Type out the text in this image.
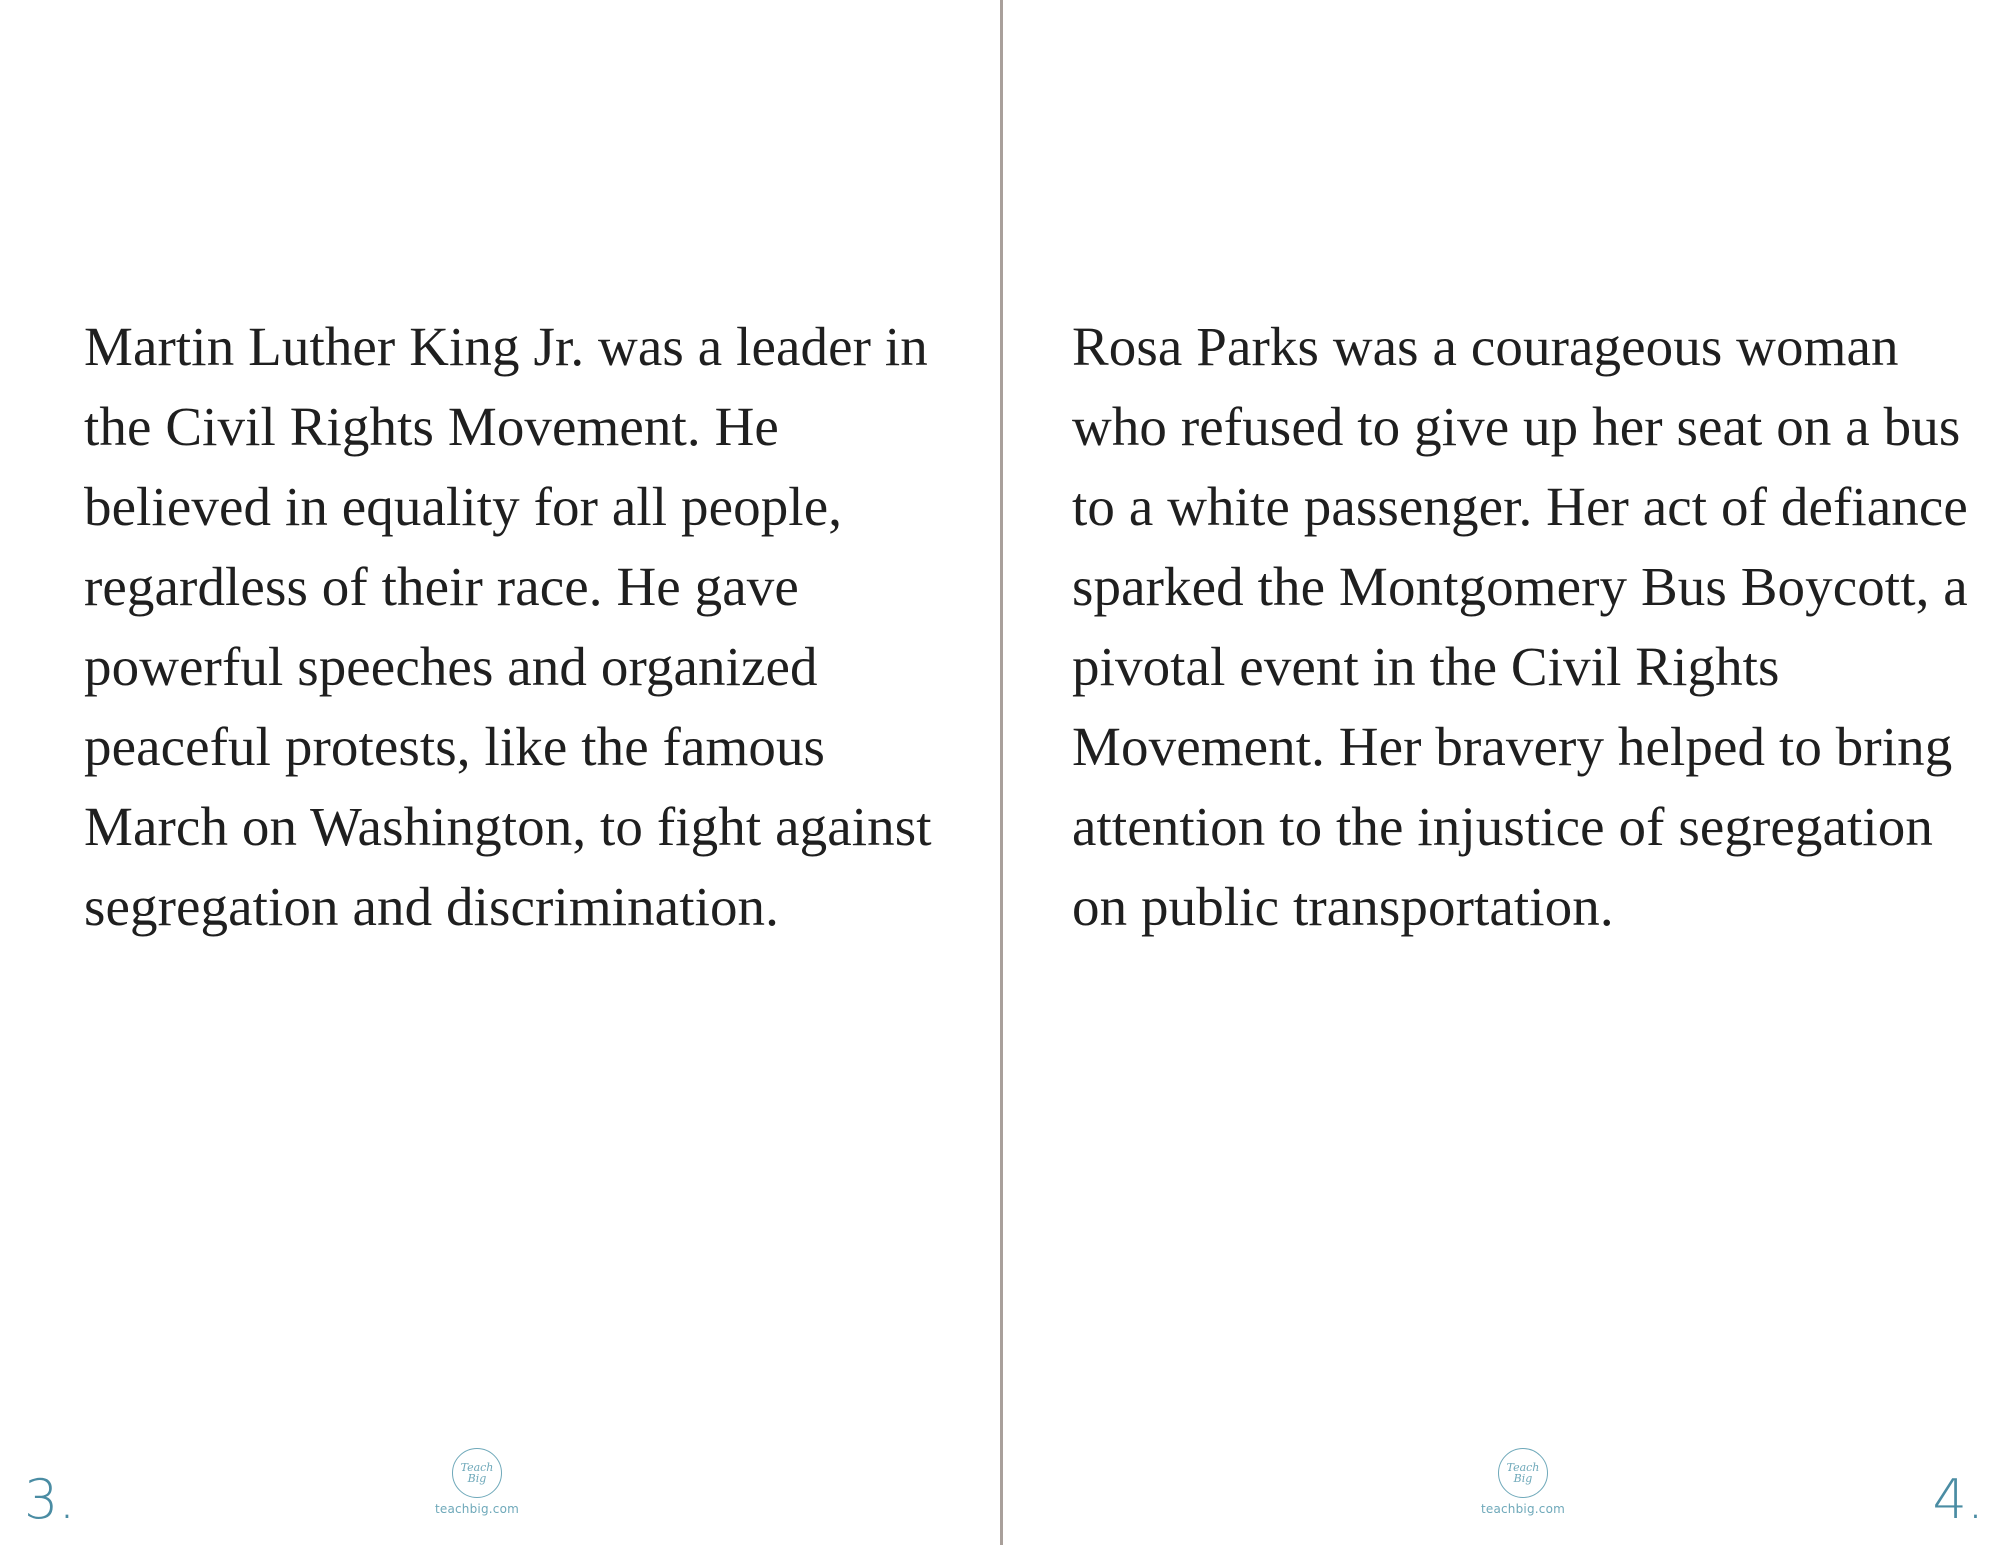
Martin Luther King Jr. was a leader in the Civil Rights Movement. He believed in equality for all people, regardless of their race. He gave powerful speeches and organized peaceful protests, like the famous March on Washington, to fight against segregation and discrimination.

Teach Big
teachbig.com
3.

Rosa Parks was a courageous woman who refused to give up her seat on a bus to a white passenger. Her act of defiance sparked the Montgomery Bus Boycott, a pivotal event in the Civil Rights Movement. Her bravery helped to bring attention to the injustice of segregation on public transportation.

Teach Big
teachbig.com	4.
